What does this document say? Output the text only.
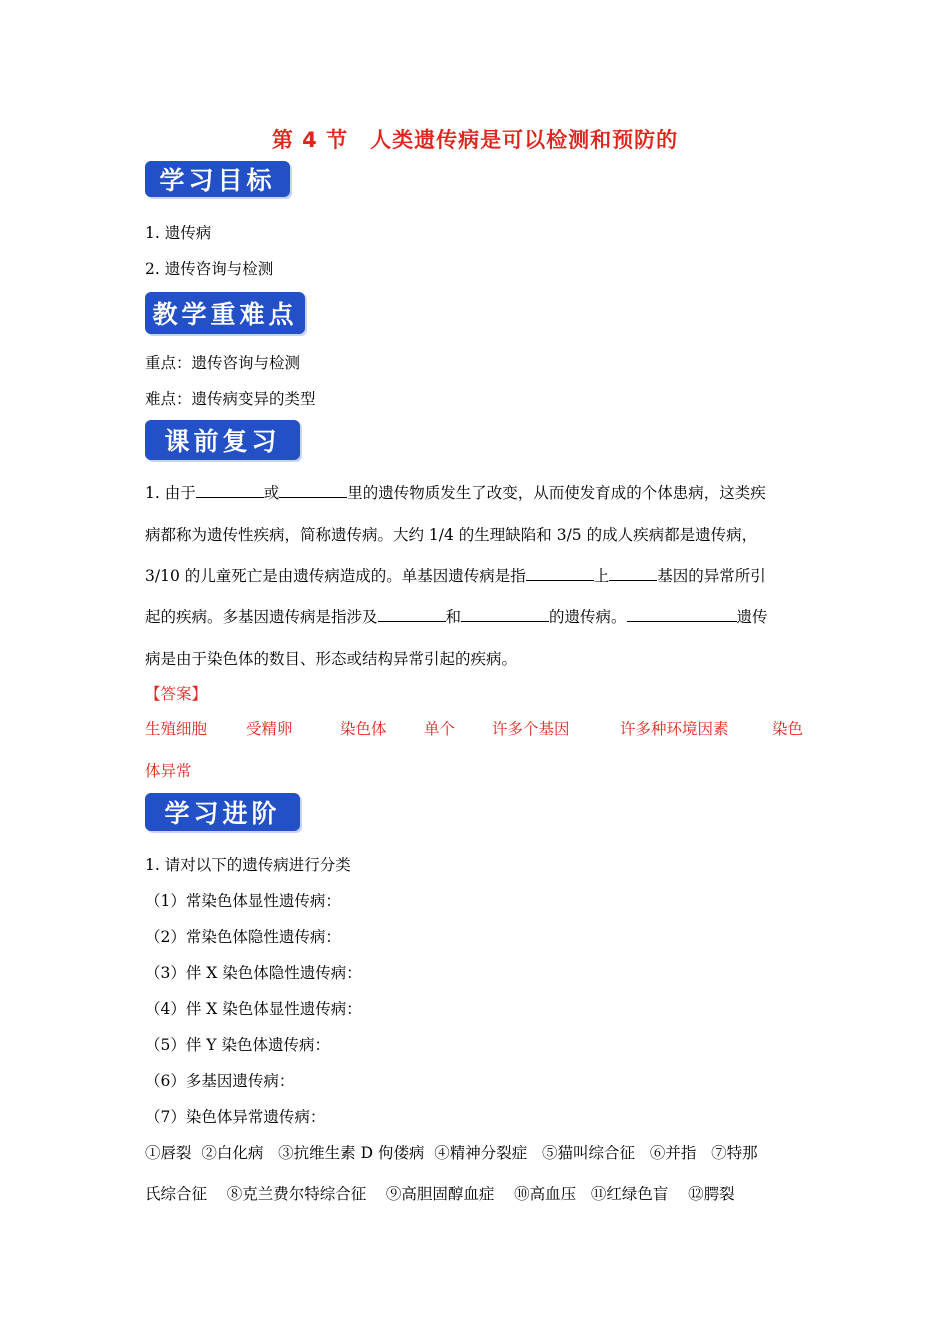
第 4 节　人类遗传病是可以检测和预防的
学习目标
1. 遗传病
2. 遗传咨询与检测
教学重难点
重点：遗传咨询与检测
难点：遗传病变异的类型
课前复习
1. 由于	或	里的遗传物质发生了改变，从而使发育成的个体患病，这类疾
病都称为遗传性疾病，简称遗传病。大约 1/4 的生理缺陷和 3/5 的成人疾病都是遗传病，
3/10 的儿童死亡是由遗传病造成的。单基因遗传病是指	上	基因的异常所引
起的疾病。多基因遗传病是指涉及	和	的遗传病。	遗传
病是由于染色体的数目、形态或结构异常引起的疾病。
【答案】
生殖细胞	受精卵	染色体 单个 许多个基因	许多种环境因素	染色
体异常
学习进阶
1. 请对以下的遗传病进行分类
（1）常染色体显性遗传病：
（2）常染色体隐性遗传病：
（3）伴 X 染色体隐性遗传病：
（4）伴 X 染色体显性遗传病：
（5）伴 Y 染色体遗传病：
（6）多基因遗传病：
（7）染色体异常遗传病：
①唇裂  ②白化病   ③抗维生素 D 佝偻病  ④精神分裂症   ⑤猫叫综合征   ⑥并指   ⑦特那
氏综合征    ⑧克兰费尔特综合征    ⑨高胆固醇血症    ⑩高血压   ⑪红绿色盲    ⑫腭裂
